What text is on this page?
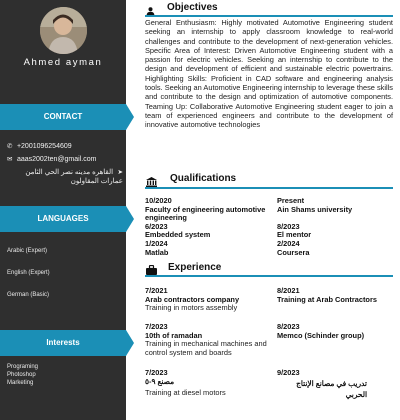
Ahmed ayman
CONTACT
✆ +2001096254609
✉ aaas2002ten@gmail.com
➤ القاهره مدينه نصر الحي الثامن عمارات المقاولون
LANGUAGES
Arabic (Expert)
English (Expert)
German (Basic)
Interests
Programing
Photoshop
Marketing
Objectives
General Enthusiasm: Highly motivated Automotive Engineering student seeking an internship to apply classroom knowledge to real-world challenges and contribute to the development of next-generation vehicles. Specific Area of Interest: Driven Automotive Engineering student with a passion for electric vehicles. Seeking an internship to contribute to the design and development of efficient and sustainable electric powertrains. Highlighting Skills: Proficient in CAD software and engineering analysis tools. Seeking an Automotive Engineering internship to leverage these skills and contribute to the design and optimization of automotive components. Teaming Up: Collaborative Automotive Engineering student eager to join a team of experienced engineers and contribute to the development of innovative automotive technologies
Qualifications
10/2020
Faculty of engineering automotive engineering
6/2023
Embedded system
1/2024
Matlab
Present
Ain Shams university
8/2023
El mentor
2/2024
Coursera
Experience
7/2021
Arab contractors company
Training in motors assembly
7/2023
10th of ramadan
Training in mechanical machines and control system and boards
7/2023
مصنع ٩-٥
Training at diesel motors
8/2021
Training at Arab Contractors
8/2023
Memco (Schinder group)
9/2023
تدريب في مصانع الإنتاج الحربي
